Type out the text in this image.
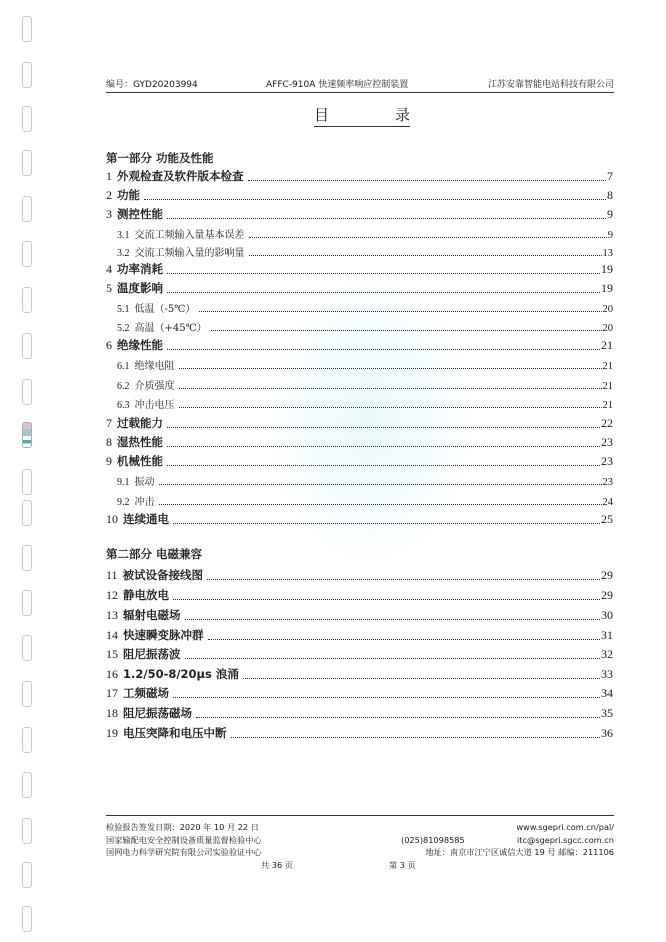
编号：GYD20203994	AFFC-910A 快速频率响应控制装置	江苏安靠智能电站科技有限公司
目	录
第一部分 功能及性能
1 外观检查及软件版本检查	7
2 功能	8
3 测控性能	9
3.1 交流工频输入量基本误差	9
3.2 交流工频输入量的影响量	13
4 功率消耗	19
5 温度影响	19
5.1 低温（-5℃）	20
5.2 高温（+45℃）	20
6 绝缘性能	21
6.1 绝缘电阻	21
6.2 介质强度	21
6.3 冲击电压	21
7 过载能力	22
8 湿热性能	23
9 机械性能	23
9.1 振动	23
9.2 冲击	24
10 连续通电	25
第二部分 电磁兼容
11 被试设备接线图	29
12 静电放电	29
13 辐射电磁场	30
14 快速瞬变脉冲群	31
15 阻尼振荡波	32
16 1.2/50-8/20μs 浪涌	33
17 工频磁场	34
18 阻尼振荡磁场	35
19 电压突降和电压中断	36
检验报告签发日期：2020 年 10 月 22 日	www.sgepri.com.cn/pal/
国家输配电安全控制设备质量监督检验中心	(025)81098585	itc@sgepri.sgcc.com.cn
国网电力科学研究院有限公司实验验证中心	地址：南京市江宁区诚信大道 19 号 邮编：211106
共 36 页	第 3 页
